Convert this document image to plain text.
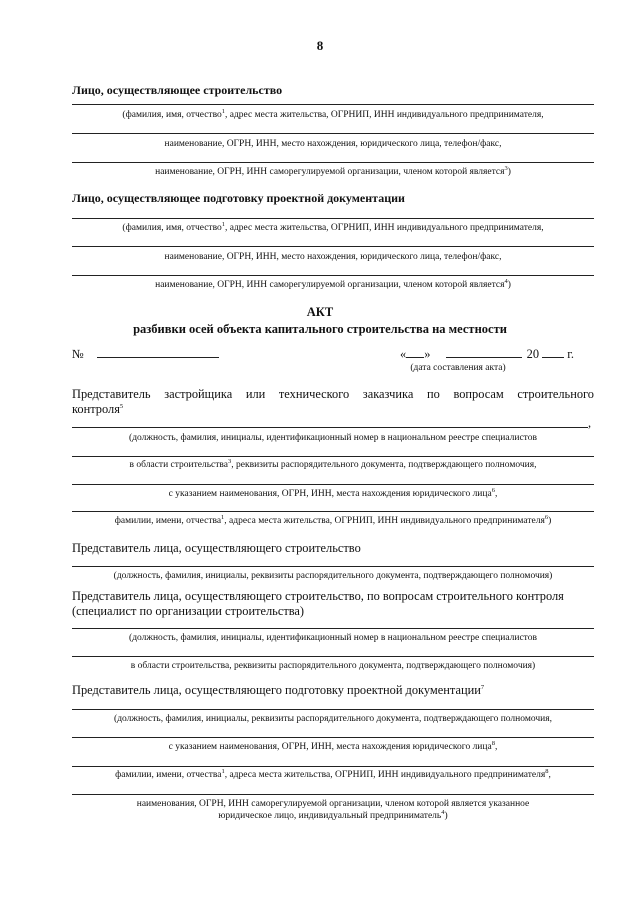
8
Лицо, осуществляющее строительство
(фамилия, имя, отчество$^1$, адрес места жительства, ОГРНИП, ИНН индивидуального предпринимателя,
наименование, ОГРН, ИНН, место нахождения, юридического лица, телефон/факс,
наименование, ОГРН, ИНН саморегулируемой организации, членом которой является$^3$)
Лицо, осуществляющее подготовку проектной документации
(фамилия, имя, отчество$^1$, адрес места жительства, ОГРНИП, ИНН индивидуального предпринимателя,
наименование, ОГРН, ИНН, место нахождения, юридического лица, телефон/факс,
наименование, ОГРН, ИНН саморегулируемой организации, членом которой является$^4$)
АКТ
разбивки осей объекта капитального строительства на местности
№	« »	20 г.
(дата составления акта)
Представитель застройщика или технического заказчика по вопросам строительного
контроля$^5$
,
(должность, фамилия, инициалы, идентификационный номер в национальном реестре специалистов
в области строительства$^3$, реквизиты распорядительного документа, подтверждающего полномочия,
с указанием наименования, ОГРН, ИНН, места нахождения юридического лица$^6$,
фамилии, имени, отчества$^1$, адреса места жительства, ОГРНИП, ИНН индивидуального предпринимателя$^6$)
Представитель лица, осуществляющего строительство
(должность, фамилия, инициалы, реквизиты распорядительного документа, подтверждающего полномочия)
Представитель лица, осуществляющего строительство, по вопросам строительного контроля
(специалист по организации строительства)
(должность, фамилия, инициалы, идентификационный номер в национальном реестре специалистов
в области строительства, реквизиты распорядительного документа, подтверждающего полномочия)
Представитель лица, осуществляющего подготовку проектной документации$^7$
(должность, фамилия, инициалы, реквизиты распорядительного документа, подтверждающего полномочия,
с указанием наименования, ОГРН, ИНН, места нахождения юридического лица$^8$,
фамилии, имени, отчества$^1$, адреса места жительства, ОГРНИП, ИНН индивидуального предпринимателя$^8$,
наименования, ОГРН, ИНН саморегулируемой организации, членом которой является указанное
юридическое лицо, индивидуальный предприниматель$^4$)
